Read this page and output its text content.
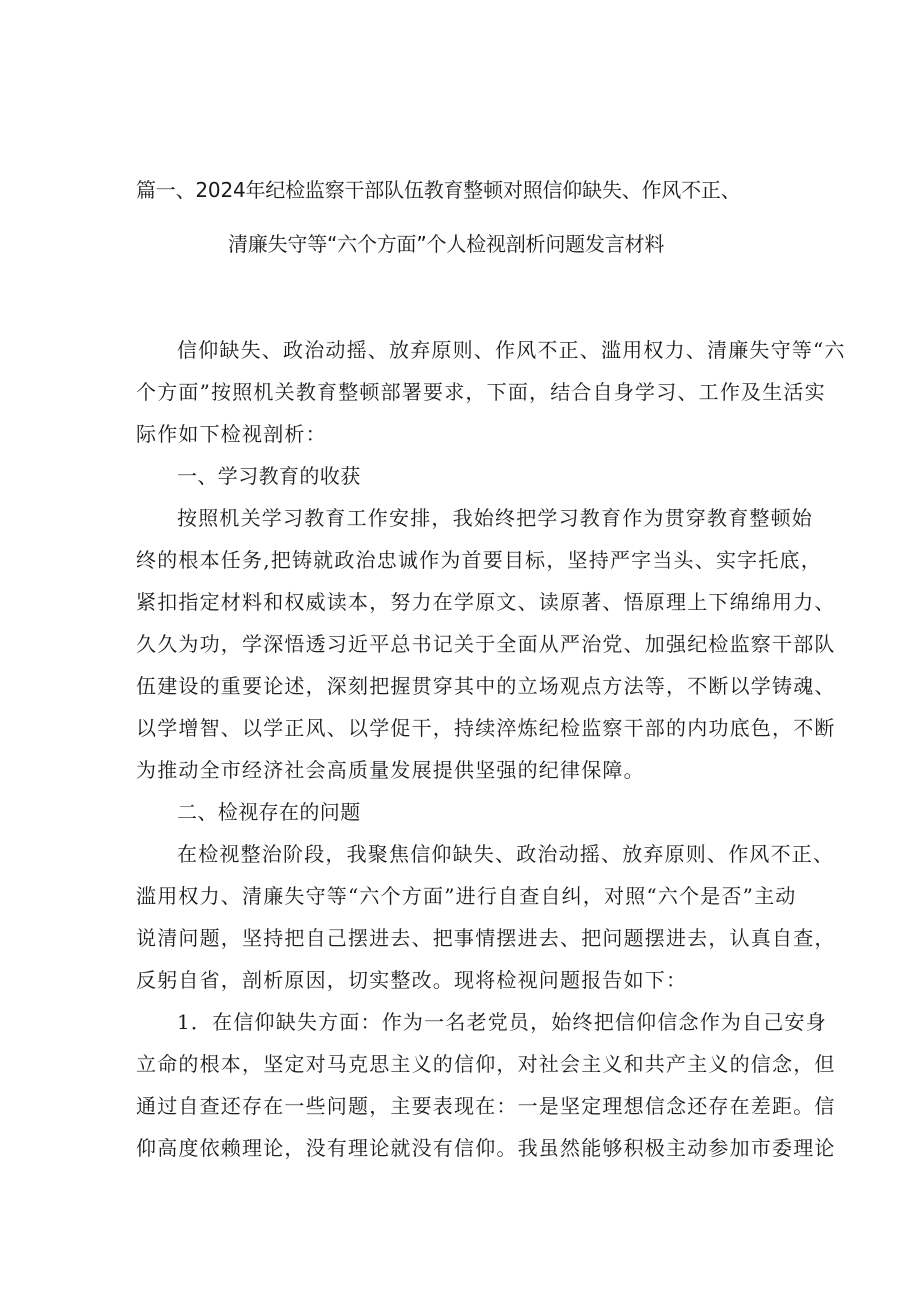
篇一、2024年纪检监察干部队伍教育整顿对照信仰缺失、作风不正、
清廉失守等“六个方面”个人检视剖析问题发言材料
信仰缺失、政治动摇、放弃原则、作风不正、滥用权力、清廉失守等“六
个方面”按照机关教育整顿部署要求，下面，结合自身学习、工作及生活实
际作如下检视剖析：
一、学习教育的收获
按照机关学习教育工作安排，我始终把学习教育作为贯穿教育整顿始
终的根本任务,把铸就政治忠诚作为首要目标，坚持严字当头、实字托底，
紧扣指定材料和权威读本，努力在学原文、读原著、悟原理上下绵绵用力、
久久为功，学深悟透习近平总书记关于全面从严治党、加强纪检监察干部队
伍建设的重要论述，深刻把握贯穿其中的立场观点方法等，不断以学铸魂、
以学增智、以学正风、以学促干，持续淬炼纪检监察干部的内功底色，不断
为推动全市经济社会高质量发展提供坚强的纪律保障。
二、检视存在的问题
在检视整治阶段，我聚焦信仰缺失、政治动摇、放弃原则、作风不正、
滥用权力、清廉失守等“六个方面”进行自查自纠，对照“六个是否”主动
说清问题，坚持把自己摆进去、把事情摆进去、把问题摆进去，认真自查，
反躬自省，剖析原因，切实整改。现将检视问题报告如下：
1．在信仰缺失方面：作为一名老党员，始终把信仰信念作为自己安身
立命的根本，坚定对马克思主义的信仰，对社会主义和共产主义的信念，但
通过自查还存在一些问题，主要表现在：一是坚定理想信念还存在差距。信
仰高度依赖理论，没有理论就没有信仰。我虽然能够积极主动参加市委理论
